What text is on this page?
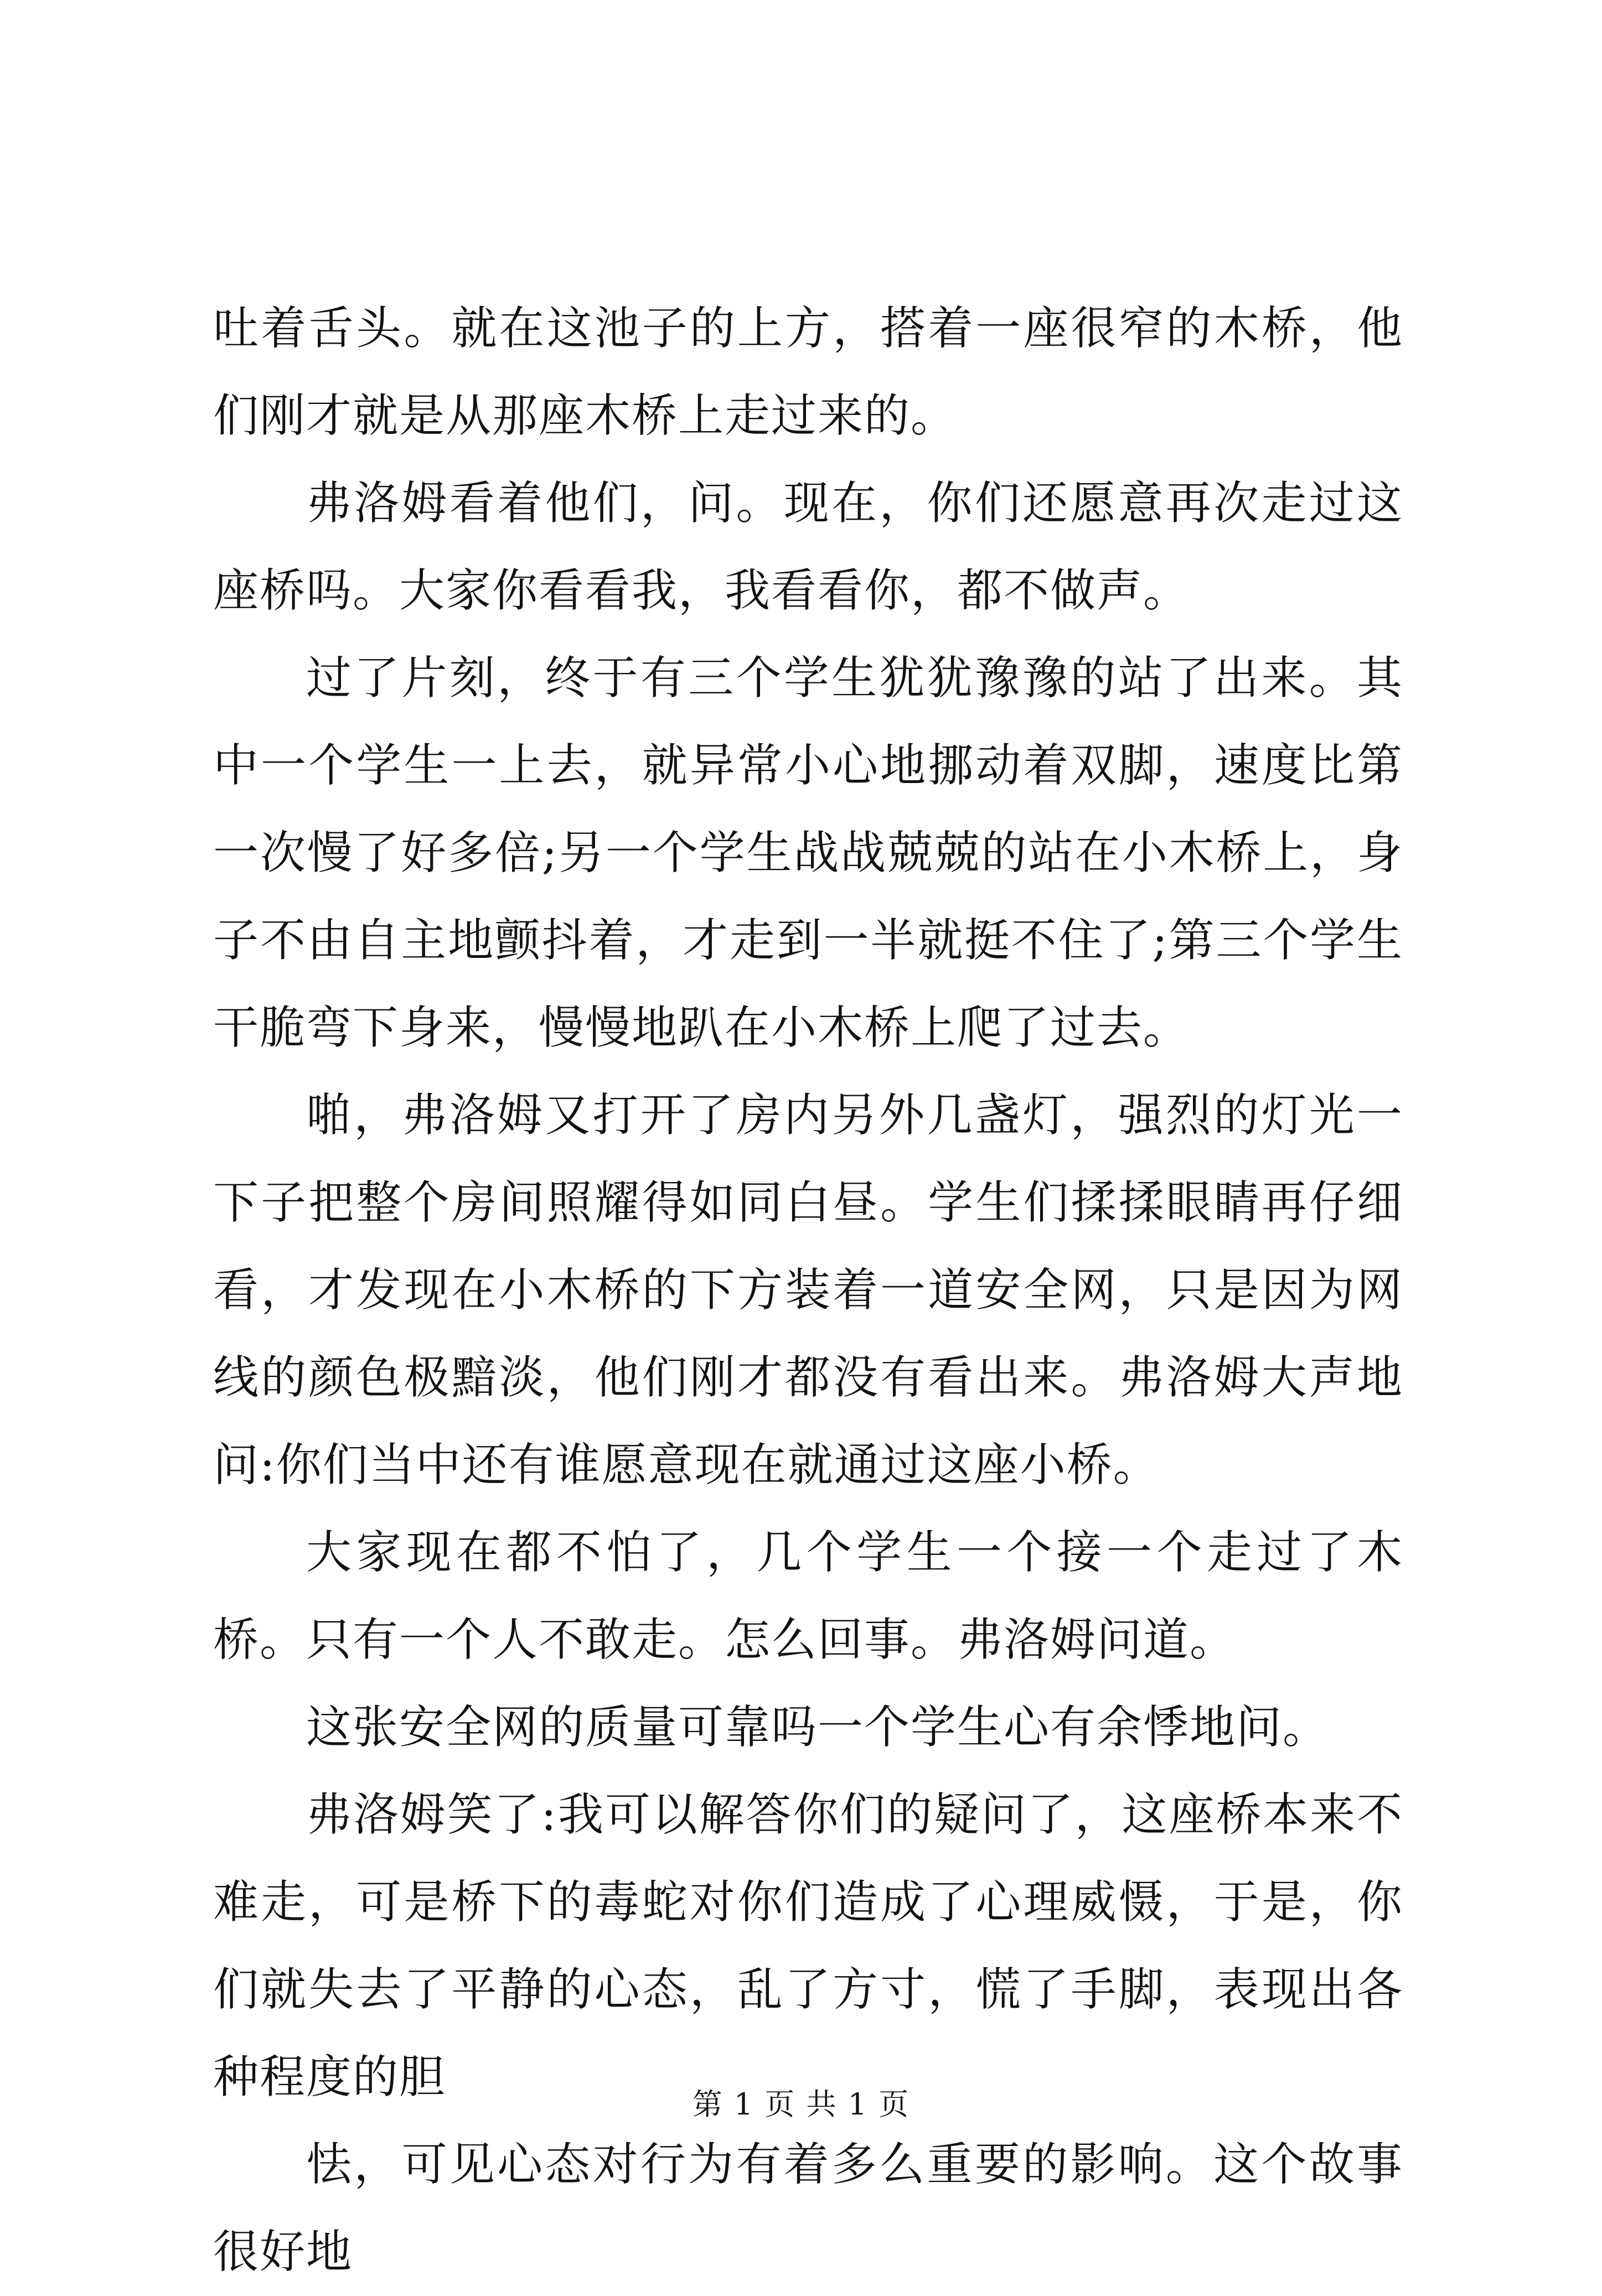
吐着舌头。就在这池子的上方，搭着一座很窄的木桥，他们刚才就是从那座木桥上走过来的。

弗洛姆看着他们，问。现在，你们还愿意再次走过这座桥吗。大家你看看我，我看看你，都不做声。

过了片刻，终于有三个学生犹犹豫豫的站了出来。其中一个学生一上去，就异常小心地挪动着双脚，速度比第一次慢了好多倍;另一个学生战战兢兢的站在小木桥上，身子不由自主地颤抖着，才走到一半就挺不住了;第三个学生干脆弯下身来，慢慢地趴在小木桥上爬了过去。

啪，弗洛姆又打开了房内另外几盏灯，强烈的灯光一下子把整个房间照耀得如同白昼。学生们揉揉眼睛再仔细看，才发现在小木桥的下方装着一道安全网，只是因为网线的颜色极黯淡，他们刚才都没有看出来。弗洛姆大声地问:你们当中还有谁愿意现在就通过这座小桥。

大家现在都不怕了，几个学生一个接一个走过了木桥。只有一个人不敢走。怎么回事。弗洛姆问道。

这张安全网的质量可靠吗一个学生心有余悸地问。

弗洛姆笑了:我可以解答你们的疑问了，这座桥本来不难走，可是桥下的毒蛇对你们造成了心理威慑，于是，你们就失去了平静的心态，乱了方寸，慌了手脚，表现出各种程度的胆

怯，可见心态对行为有着多么重要的影响。这个故事很好地

第 1 页 共 1 页
